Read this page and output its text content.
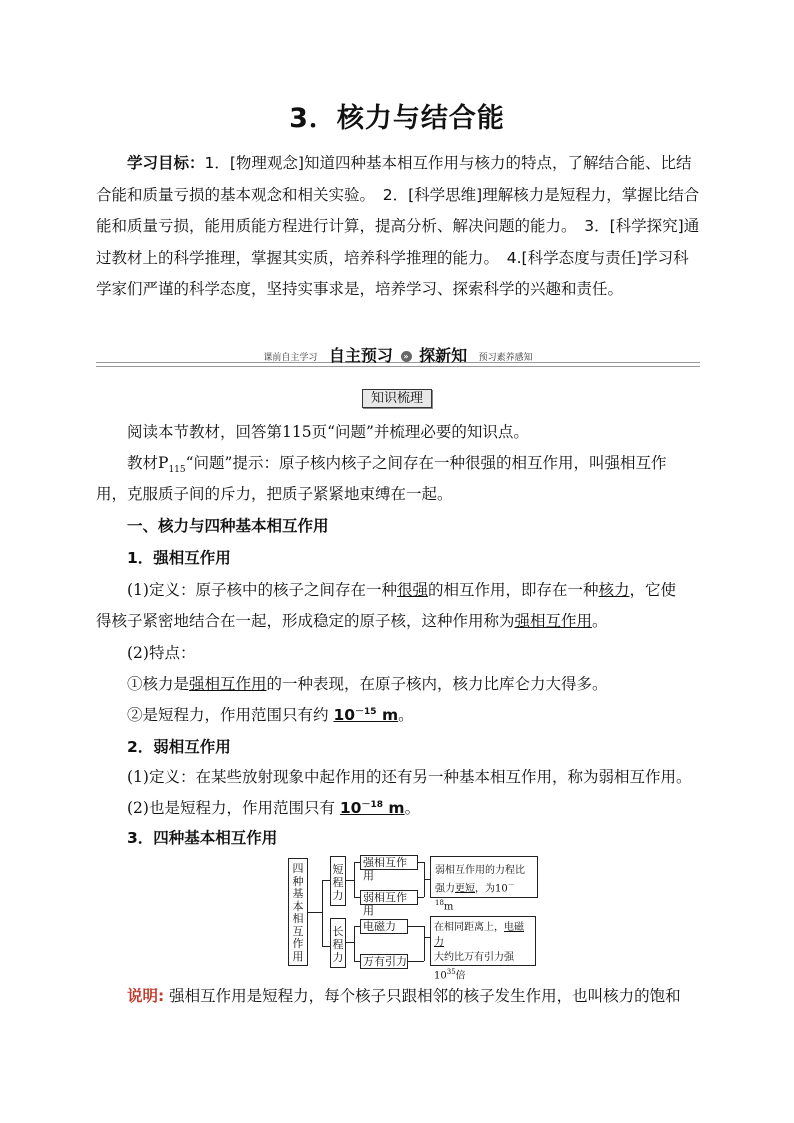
3．核力与结合能
学习目标：1．[物理观念]知道四种基本相互作用与核力的特点，了解结合能、比结合能和质量亏损的基本观念和相关实验。　2．[科学思维]理解核力是短程力，掌握比结合能和质量亏损，能用质能方程进行计算，提高分析、解决问题的能力。　3．[科学探究]通过教材上的科学推理，掌握其实质，培养科学推理的能力。　4.[科学态度与责任]学习科学家们严谨的科学态度，坚持实事求是，培养学习、探索科学的兴趣和责任。
课前自主学习 自主预习 » 探新知 预习素养感知
知识梳理
阅读本节教材，回答第115页“问题”并梳理必要的知识点。
教材$P_{115}“$问题”提示：原子核内核子之间存在一种很强的相互作用，叫强相互作
用，克服质子间的斥力，把质子紧紧地束缚在一起。
一、核力与四种基本相互作用
1．强相互作用
(1)定义：原子核中的核子之间存在一种很强的相互作用，即存在一种核力，它使
得核子紧密地结合在一起，形成稳定的原子核，这种作用称为强相互作用。
(2)特点：
①核力是强相互作用的一种表现，在原子核内，核力比库仑力大得多。
②是短程力，作用范围只有约 $10^{-15}$ m。
2．弱相互作用
(1)定义：在某些放射现象中起作用的还有另一种基本相互作用，称为弱相互作用。
(2)也是短程力，作用范围只有 $10^{-18}$ m。
3．四种基本相互作用
四种基本相互作用
短程力
长程力
强相互作用
弱相互作用
电磁力
万有引力
弱相互作用的力程比
强力更短，为$10^{-18}m$
在相同距离上，电磁力
大约比万有引力强
$10^{35}$倍
说明: 强相互作用是短程力，每个核子只跟相邻的核子发生作用，也叫核力的饱和
